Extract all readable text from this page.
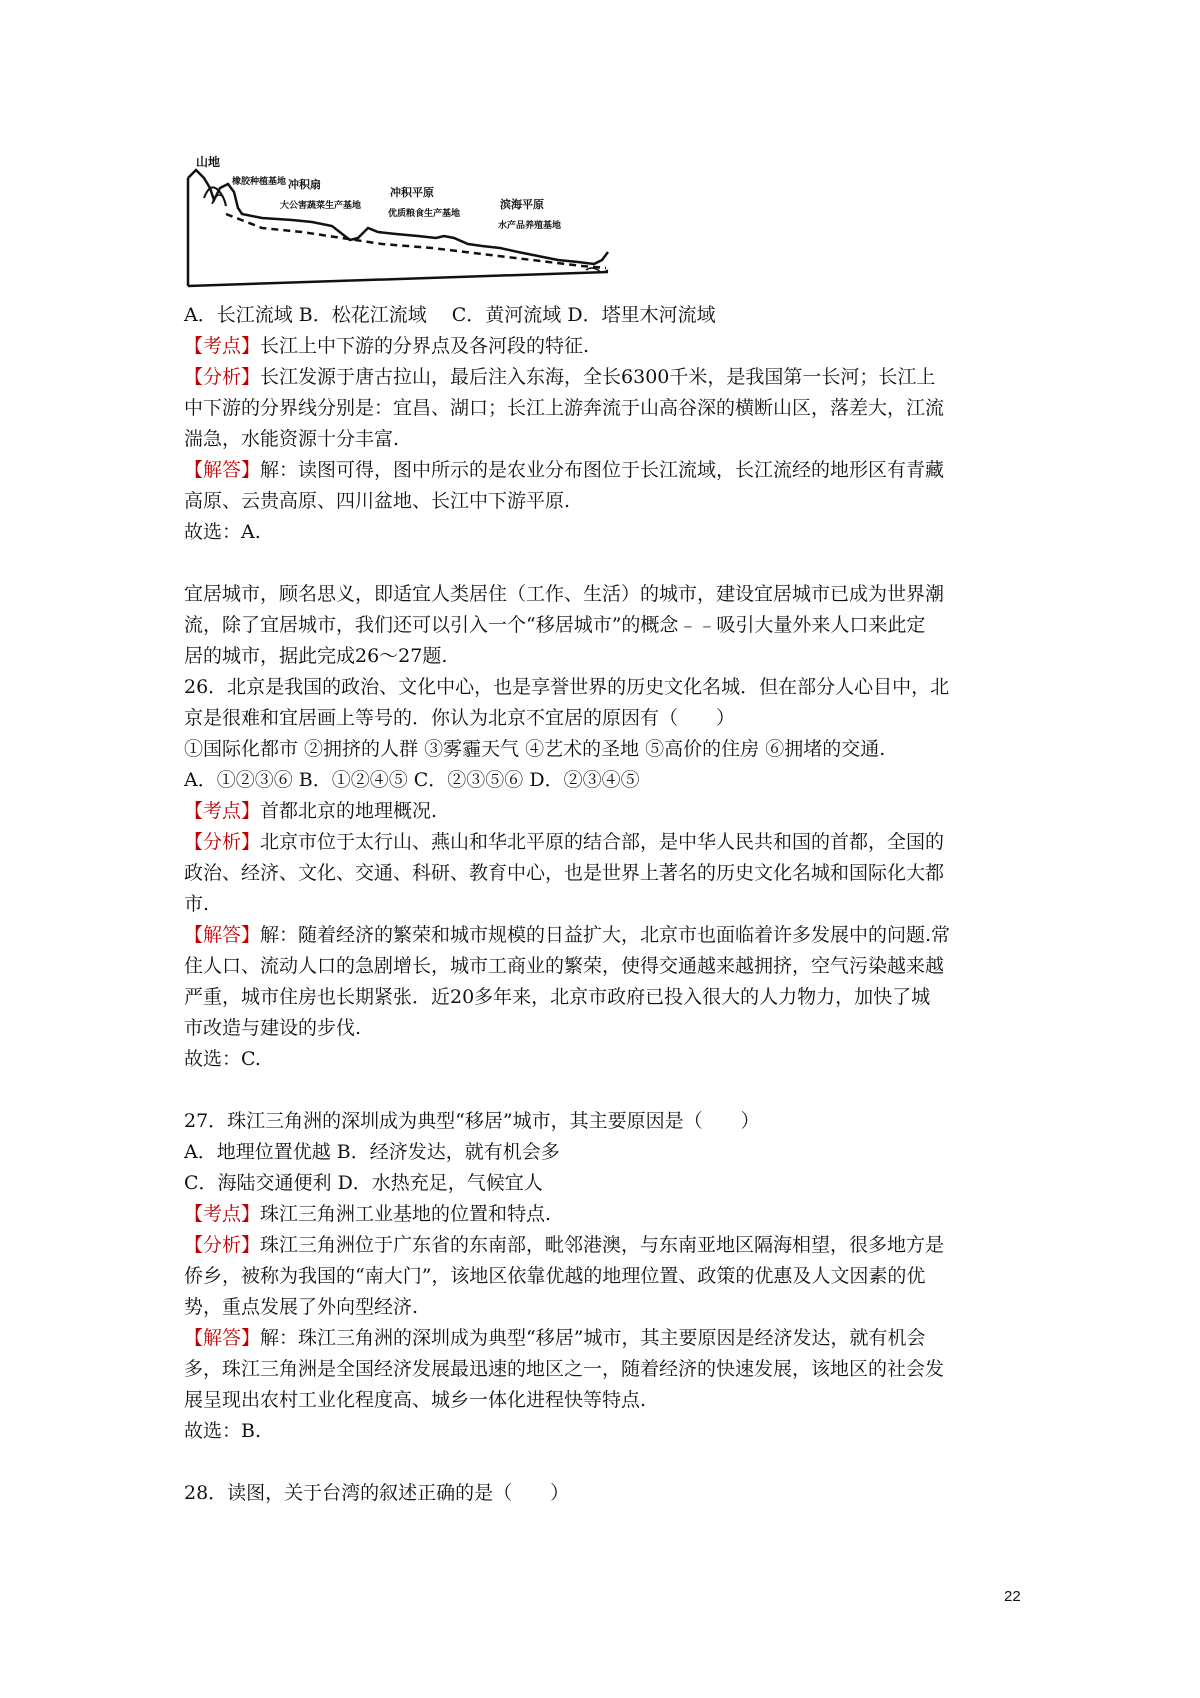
山地
橡胶种植基地 冲积扇
大公害蔬菜生产基地
冲积平原
优质粮食生产基地
滨海平原
水产品养殖基地
A．长江流域 B．松花江流域　 C．黄河流域 D．塔里木河流域
【考点】长江上中下游的分界点及各河段的特征.
【分析】长江发源于唐古拉山，最后注入东海，全长6300千米，是我国第一长河；长江上
中下游的分界线分别是：宜昌、湖口；长江上游奔流于山高谷深的横断山区，落差大，江流
湍急，水能资源十分丰富.
【解答】解：读图可得，图中所示的是农业分布图位于长江流域，长江流经的地形区有青藏
高原、云贵高原、四川盆地、长江中下游平原.
故选：A.
宜居城市，顾名思义，即适宜人类居住（工作、生活）的城市，建设宜居城市已成为世界潮
流，除了宜居城市，我们还可以引入一个“移居城市”的概念﹣﹣吸引大量外来人口来此定
居的城市，据此完成26～27题.
26．北京是我国的政治、文化中心，也是享誉世界的历史文化名城．但在部分人心目中，北
京是很难和宜居画上等号的．你认为北京不宜居的原因有（　　）
①国际化都市 ②拥挤的人群 ③雾霾天气 ④艺术的圣地 ⑤高价的住房 ⑥拥堵的交通.
A．①②③⑥ B．①②④⑤ C．②③⑤⑥ D．②③④⑤
【考点】首都北京的地理概况.
【分析】北京市位于太行山、燕山和华北平原的结合部，是中华人民共和国的首都，全国的
政治、经济、文化、交通、科研、教育中心，也是世界上著名的历史文化名城和国际化大都
市.
【解答】解：随着经济的繁荣和城市规模的日益扩大，北京市也面临着许多发展中的问题.常
住人口、流动人口的急剧增长，城市工商业的繁荣，使得交通越来越拥挤，空气污染越来越
严重，城市住房也长期紧张．近20多年来，北京市政府已投入很大的人力物力，加快了城
市改造与建设的步伐.
故选：C.
27．珠江三角洲的深圳成为典型“移居”城市，其主要原因是（　　）
A．地理位置优越 B．经济发达，就有机会多
C．海陆交通便利 D．水热充足，气候宜人
【考点】珠江三角洲工业基地的位置和特点.
【分析】珠江三角洲位于广东省的东南部，毗邻港澳，与东南亚地区隔海相望，很多地方是
侨乡，被称为我国的“南大门”，该地区依靠优越的地理位置、政策的优惠及人文因素的优
势，重点发展了外向型经济.
【解答】解：珠江三角洲的深圳成为典型“移居”城市，其主要原因是经济发达，就有机会
多，珠江三角洲是全国经济发展最迅速的地区之一，随着经济的快速发展，该地区的社会发
展呈现出农村工业化程度高、城乡一体化进程快等特点.
故选：B.
28．读图，关于台湾的叙述正确的是（　　）
22
